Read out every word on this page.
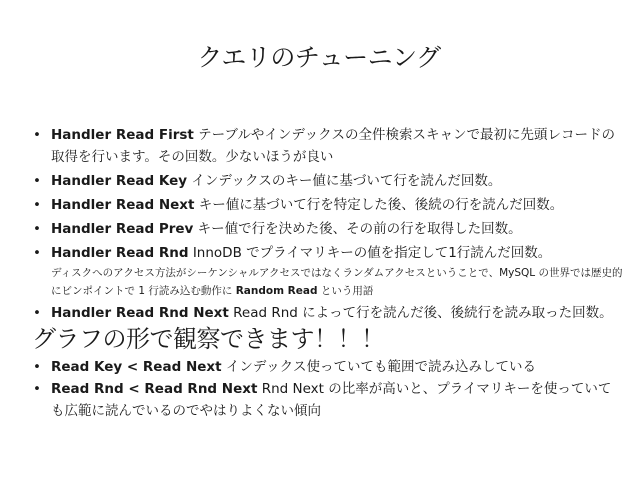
クエリのチューニング
• Handler Read First テーブルやインデックスの全件検索スキャンで最初に先頭レコードの取得を行います。その回数。少ないほうが良い
• Handler Read Key インデックスのキー値に基づいて行を読んだ回数。
• Handler Read Next キー値に基づいて行を特定した後、後続の行を読んだ回数。
• Handler Read Prev キー値で行を決めた後、その前の行を取得した回数。
• Handler Read Rnd InnoDB でプライマリキーの値を指定して1行読んだ回数。
ディスクへのアクセス方法がシーケンシャルアクセスではなくランダムアクセスということで、MySQL の世界では歴史的にビンポイントで 1 行読み込む動作に Random Read という用語
• Handler Read Rnd Next Read Rnd によって行を読んだ後、後続行を読み取った回数。
グラフの形で観察できます！！！
• Read Key < Read Next インデックス使っていても範囲で読み込みしている
• Read Rnd < Read Rnd Next Rnd Next の比率が高いと、プライマリキーを使っていても広範に読んでいるのでやはりよくない傾向
